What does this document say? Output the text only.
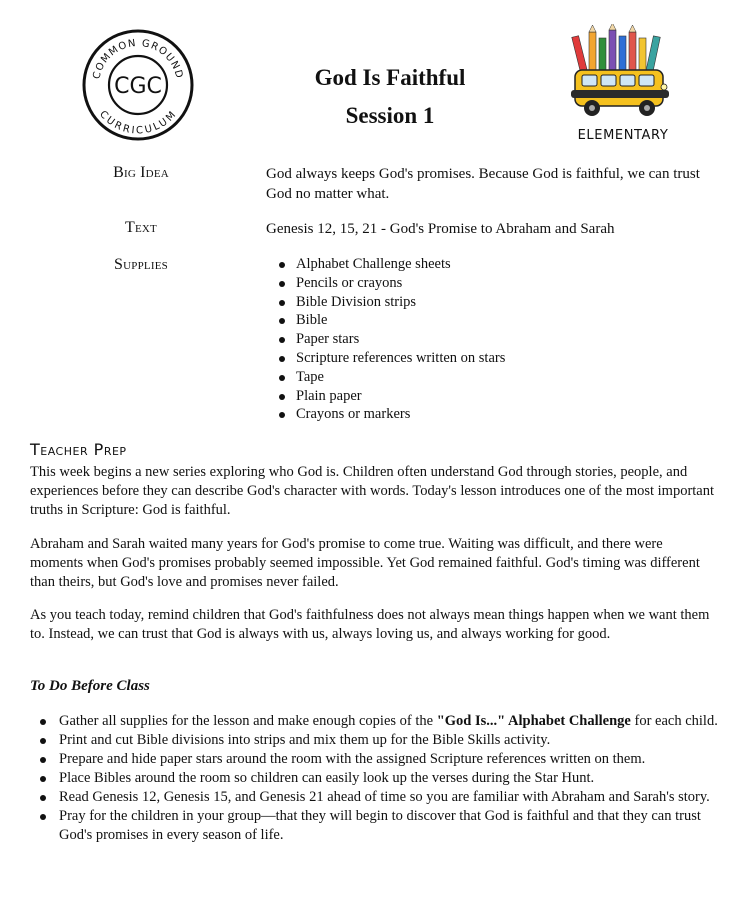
COMMON GROUND
CURRICULUM
CGC	God Is Faithful
Session 1
ELEMENTARY
Big Idea	God always keeps God's promises. Because God is faithful, we can trust God no matter what.
Text	Genesis 12, 15, 21 - God's Promise to Abraham and Sarah
Supplies	Alphabet Challenge sheets
Pencils or crayons
Bible Division strips
Bible
Paper stars
Scripture references written on stars
Tape
Plain paper
Crayons or markers
Teacher Prep

This week begins a new series exploring who God is. Children often understand God through stories, people, and experiences before they can describe God's character with words. Today's lesson introduces one of the most important truths in Scripture: God is faithful.

Abraham and Sarah waited many years for God's promise to come true. Waiting was difficult, and there were moments when God's promises probably seemed impossible. Yet God remained faithful. God's timing was different than theirs, but God's love and promises never failed.

As you teach today, remind children that God's faithfulness does not always mean things happen when we want them to. Instead, we can trust that God is always with us, always loving us, and always working for good.

To Do Before Class
Gather all supplies for the lesson and make enough copies of the "God Is..." Alphabet Challenge for each child.
Print and cut Bible divisions into strips and mix them up for the Bible Skills activity.
Prepare and hide paper stars around the room with the assigned Scripture references written on them.
Place Bibles around the room so children can easily look up the verses during the Star Hunt.
Read Genesis 12, Genesis 15, and Genesis 21 ahead of time so you are familiar with Abraham and Sarah's story.
Pray for the children in your group—that they will begin to discover that God is faithful and that they can trust God's promises in every season of life.
